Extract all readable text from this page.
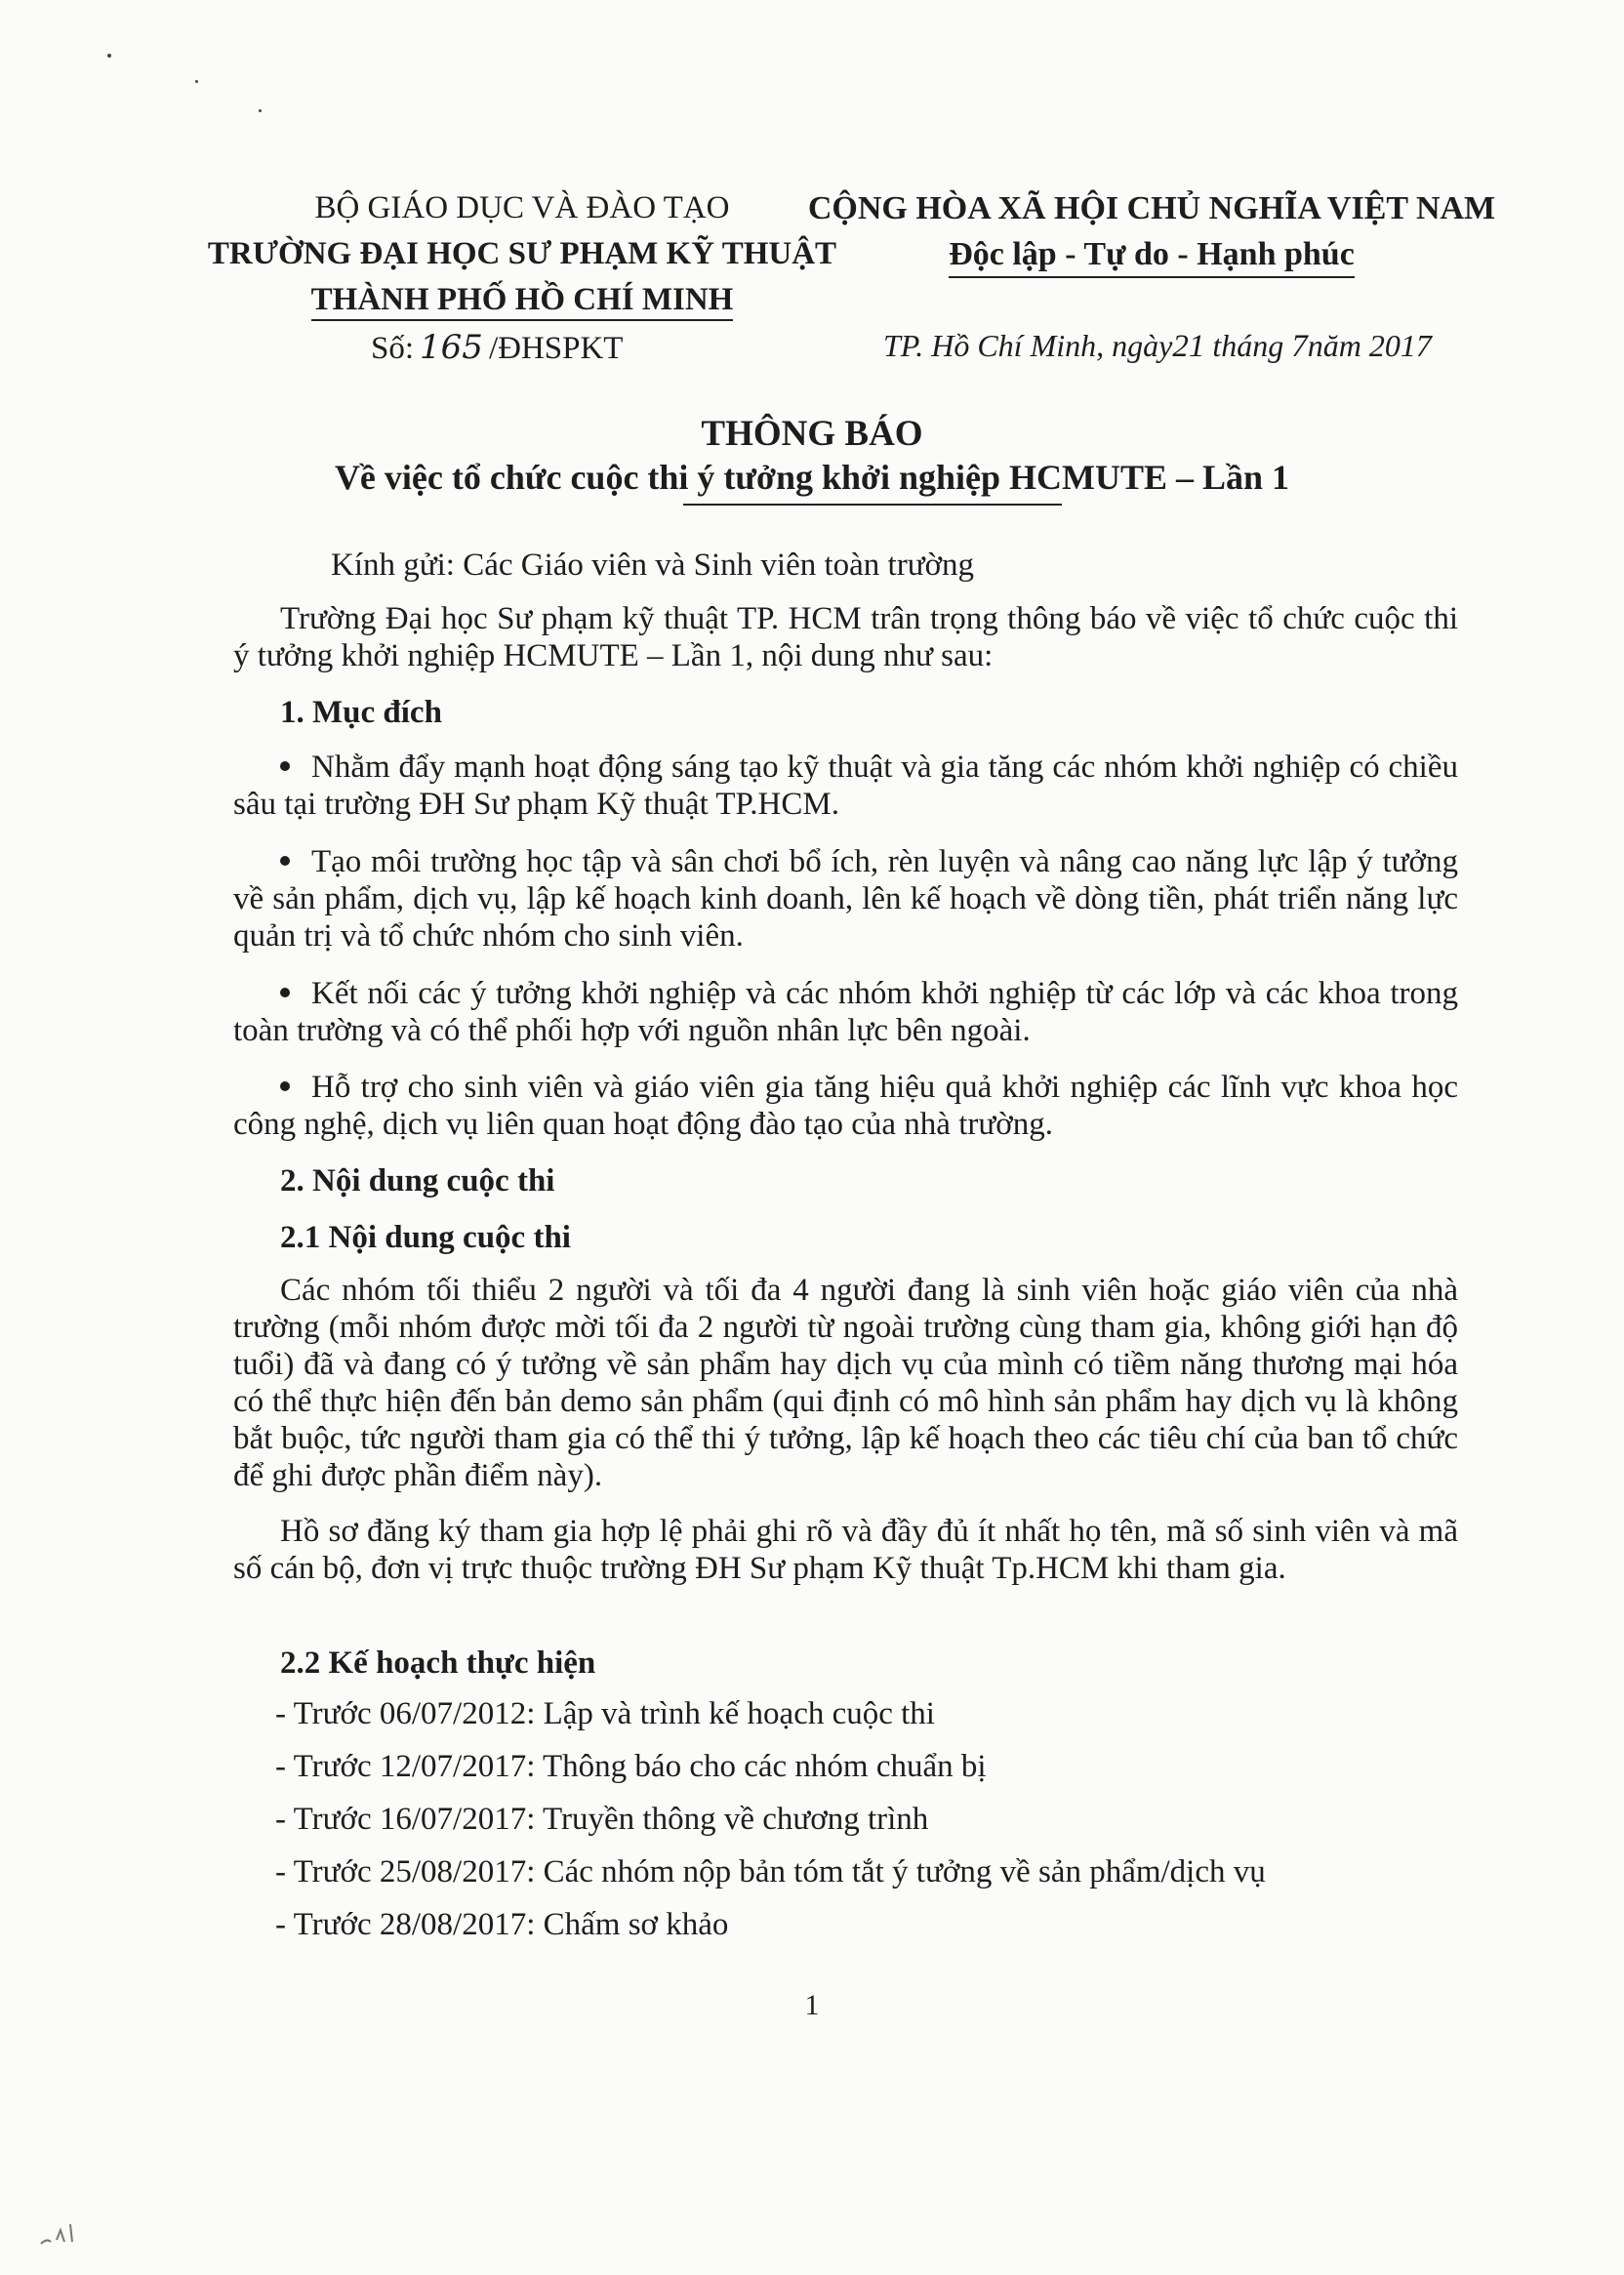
BỘ GIÁO DỤC VÀ ĐÀO TẠO
TRƯỜNG ĐẠI HỌC SƯ PHẠM KỸ THUẬT
THÀNH PHỐ HỒ CHÍ MINH
CỘNG HÒA XÃ HỘI CHỦ NGHĨA VIỆT NAM
Độc lập - Tự do - Hạnh phúc
Số: 165 /ĐHSPKT	TP. Hồ Chí Minh, ngày21 tháng 7năm 2017
THÔNG BÁO
Về việc tổ chức cuộc thi ý tưởng khởi nghiệp HCMUTE – Lần 1
Kính gửi: Các Giáo viên và Sinh viên toàn trường
Trường Đại học Sư phạm kỹ thuật TP. HCM trân trọng thông báo về việc tổ chức cuộc thi ý tưởng khởi nghiệp HCMUTE – Lần 1, nội dung như sau:
1. Mục đích
Nhằm đẩy mạnh hoạt động sáng tạo kỹ thuật và gia tăng các nhóm khởi nghiệp có chiều sâu tại trường ĐH Sư phạm Kỹ thuật TP.HCM.
Tạo môi trường học tập và sân chơi bổ ích, rèn luyện và nâng cao năng lực lập ý tưởng về sản phẩm, dịch vụ, lập kế hoạch kinh doanh, lên kế hoạch về dòng tiền, phát triển năng lực quản trị và tổ chức nhóm cho sinh viên.
Kết nối các ý tưởng khởi nghiệp và các nhóm khởi nghiệp từ các lớp và các khoa trong toàn trường và có thể phối hợp với nguồn nhân lực bên ngoài.
Hỗ trợ cho sinh viên và giáo viên gia tăng hiệu quả khởi nghiệp các lĩnh vực khoa học công nghệ, dịch vụ liên quan hoạt động đào tạo của nhà trường.
2. Nội dung cuộc thi
2.1 Nội dung cuộc thi
Các nhóm tối thiểu 2 người và tối đa 4 người đang là sinh viên hoặc giáo viên của nhà trường (mỗi nhóm được mời tối đa 2 người từ ngoài trường cùng tham gia, không giới hạn độ tuổi) đã và đang có ý tưởng về sản phẩm hay dịch vụ của mình có tiềm năng thương mại hóa có thể thực hiện đến bản demo sản phẩm (qui định có mô hình sản phẩm hay dịch vụ là không bắt buộc, tức người tham gia có thể thi ý tưởng, lập kế hoạch theo các tiêu chí của ban tổ chức để ghi được phần điểm này).
Hồ sơ đăng ký tham gia hợp lệ phải ghi rõ và đầy đủ ít nhất họ tên, mã số sinh viên và mã số cán bộ, đơn vị trực thuộc trường ĐH Sư phạm Kỹ thuật Tp.HCM khi tham gia.
2.2 Kế hoạch thực hiện
- Trước 06/07/2012: Lập và trình kế hoạch cuộc thi
- Trước 12/07/2017: Thông báo cho các nhóm chuẩn bị
- Trước 16/07/2017: Truyền thông về chương trình
- Trước 25/08/2017: Các nhóm nộp bản tóm tắt ý tưởng về sản phẩm/dịch vụ
- Trước 28/08/2017: Chấm sơ khảo
1
